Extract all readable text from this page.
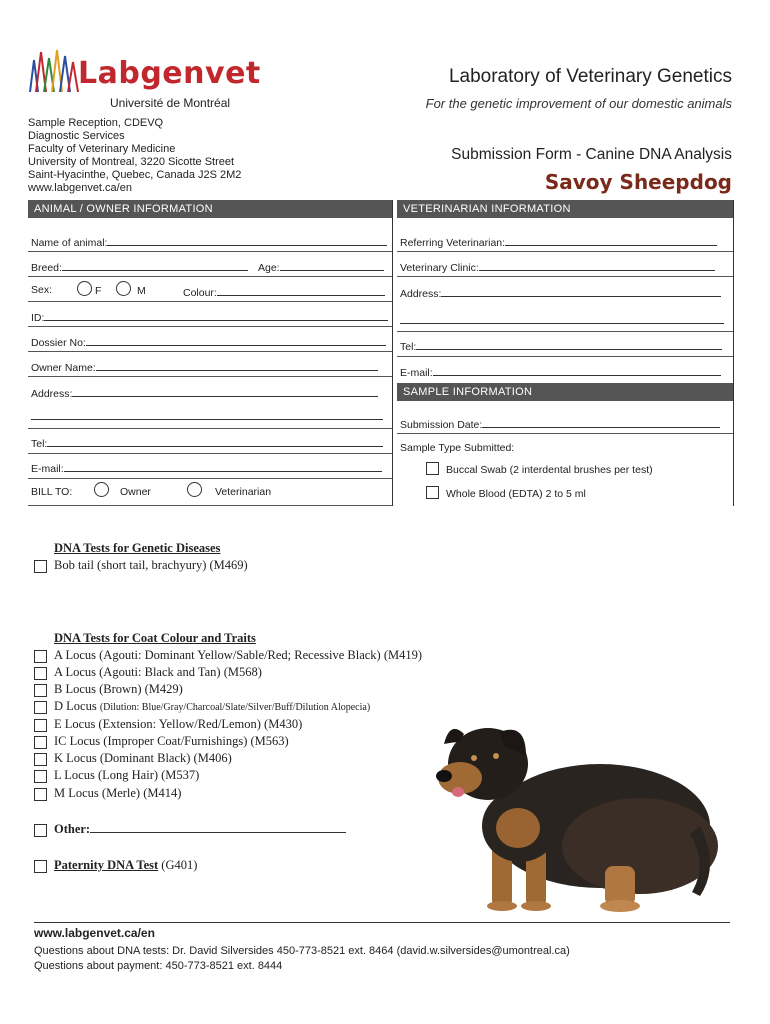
Labgenvet
Université de Montréal
Laboratory of Veterinary Genetics
For the genetic improvement of our domestic animals
Sample Reception, CDEVQ
Diagnostic Services
Faculty of Veterinary Medicine
University of Montreal, 3220 Sicotte Street
Saint-Hyacinthe, Quebec, Canada J2S 2M2
www.labgenvet.ca/en
Submission Form - Canine DNA Analysis
Savoy Sheepdog
ANIMAL / OWNER INFORMATION	VETERINARIAN INFORMATION
Name of animal:
Breed:	Age:
Sex:	F	M	Colour:
ID:
Dossier No:
Owner Name:
Address:
Tel:
E-mail:
BILL TO:	Owner	Veterinarian
Referring Veterinarian:
Veterinary Clinic:
Address:
Tel:
E-mail:
SAMPLE INFORMATION
Submission Date:
Sample Type Submitted:
Buccal Swab (2 interdental brushes per test)
Whole Blood (EDTA) 2 to 5 ml
DNA Tests for Genetic Diseases
Bob tail (short tail, brachyury) (M469)
DNA Tests for Coat Colour and Traits
A Locus (Agouti: Dominant Yellow/Sable/Red; Recessive Black) (M419)
A Locus (Agouti: Black and Tan) (M568)
B Locus (Brown) (M429)
D Locus (Dilution: Blue/Gray/Charcoal/Slate/Silver/Buff/Dilution Alopecia)
E Locus (Extension: Yellow/Red/Lemon) (M430)
IC Locus (Improper Coat/Furnishings) (M563)
K Locus (Dominant Black) (M406)
L Locus (Long Hair) (M537)
M Locus (Merle) (M414)
Other:
Paternity DNA Test (G401)
www.labgenvet.ca/en
Questions about DNA tests: Dr. David Silversides 450-773-8521 ext. 8464 (david.w.silversides@umontreal.ca)
Questions about payment: 450-773-8521 ext. 8444
